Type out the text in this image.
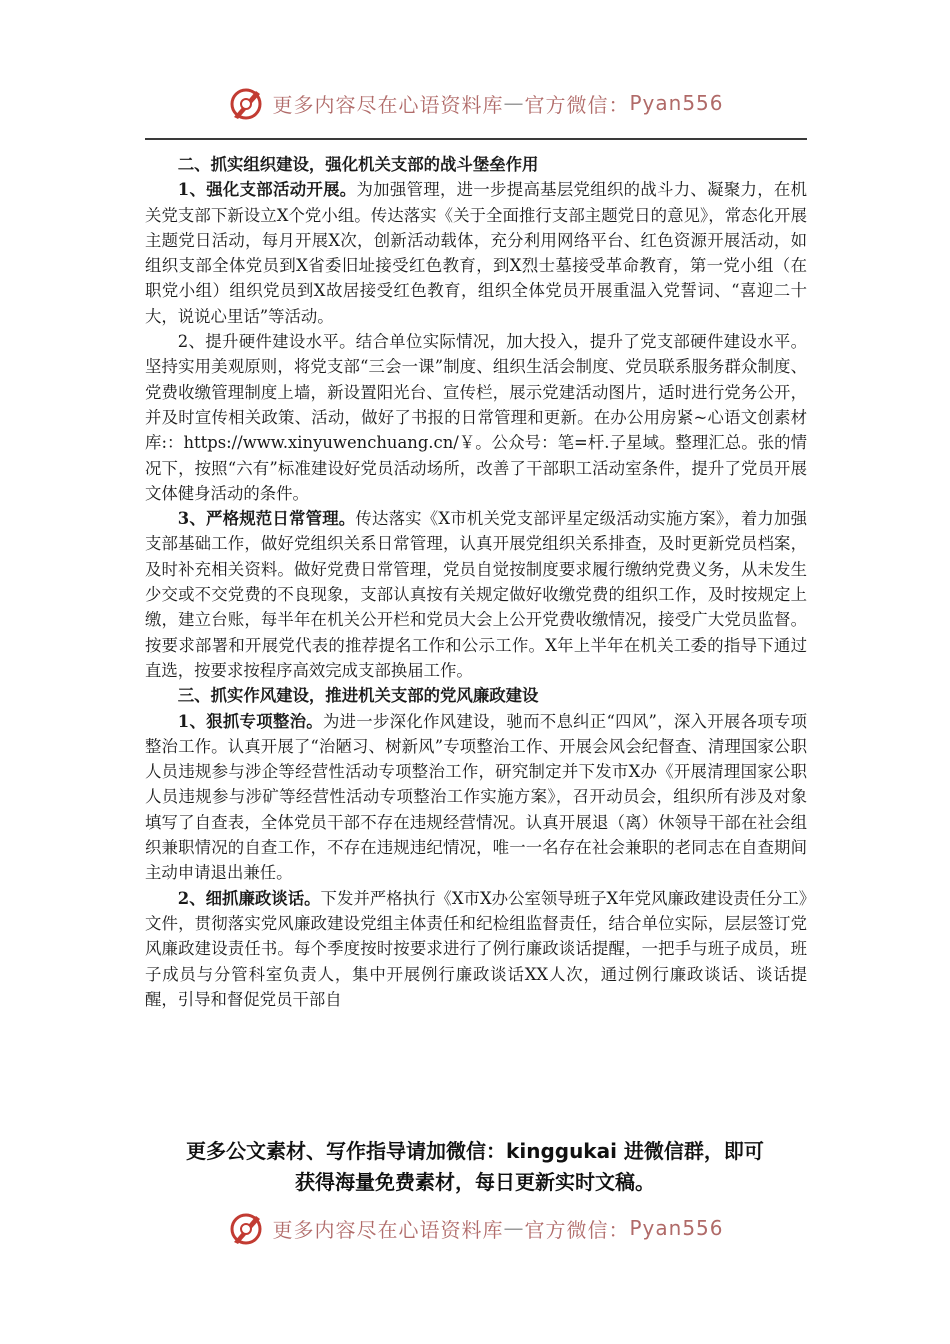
更多内容尽在心语资料库 — 官方微信： Pyan556

二、抓实组织建设，强化机关支部的战斗堡垒作用

1、强化支部活动开展。为加强管理，进一步提高基层党组织的战斗力、凝聚力，在机关党支部下新设立X个党小组。传达落实《关于全面推行支部主题党日的意见》，常态化开展主题党日活动，每月开展X次，创新活动载体，充分利用网络平台、红色资源开展活动，如组织支部全体党员到X省委旧址接受红色教育，到X烈士墓接受革命教育，第一党小组（在职党小组）组织党员到X故居接受红色教育，组织全体党员开展重温入党誓词、“喜迎二十大，说说心里话”等活动。

2、提升硬件建设水平。结合单位实际情况，加大投入，提升了党支部硬件建设水平。坚持实用美观原则，将党支部“三会一课”制度、组织生活会制度、党员联系服务群众制度、党费收缴管理制度上墙，新设置阳光台、宣传栏，展示党建活动图片，适时进行党务公开，并及时宣传相关政策、活动，做好了书报的日常管理和更新。在办公用房紧~心语文创素材库:：https://www.xinyuwenchuang.cn/￥。公众号：笔=杆.子星域。整理汇总。张的情况下，按照“六有”标准建设好党员活动场所，改善了干部职工活动室条件，提升了党员开展文体健身活动的条件。

3、严格规范日常管理。传达落实《X市机关党支部评星定级活动实施方案》，着力加强支部基础工作，做好党组织关系日常管理，认真开展党组织关系排查，及时更新党员档案，及时补充相关资料。做好党费日常管理，党员自觉按制度要求履行缴纳党费义务，从未发生少交或不交党费的不良现象，支部认真按有关规定做好收缴党费的组织工作，及时按规定上缴，建立台账，每半年在机关公开栏和党员大会上公开党费收缴情况，接受广大党员监督。按要求部署和开展党代表的推荐提名工作和公示工作。X年上半年在机关工委的指导下通过直选，按要求按程序高效完成支部换届工作。

三、抓实作风建设，推进机关支部的党风廉政建设

1、狠抓专项整治。为进一步深化作风建设，驰而不息纠正“四风”，深入开展各项专项整治工作。认真开展了“治陋习、树新风”专项整治工作、开展会风会纪督查、清理国家公职人员违规参与涉企等经营性活动专项整治工作，研究制定并下发市X办《开展清理国家公职人员违规参与涉矿等经营性活动专项整治工作实施方案》，召开动员会，组织所有涉及对象填写了自查表，全体党员干部不存在违规经营情况。认真开展退（离）休领导干部在社会组织兼职情况的自查工作，不存在违规违纪情况，唯一一名存在社会兼职的老同志在自查期间主动申请退出兼任。

2、细抓廉政谈话。下发并严格执行《X市X办公室领导班子X年党风廉政建设责任分工》文件，贯彻落实党风廉政建设党组主体责任和纪检组监督责任，结合单位实际，层层签订党风廉政建设责任书。每个季度按时按要求进行了例行廉政谈话提醒，一把手与班子成员，班子成员与分管科室负责人，集中开展例行廉政谈话XX人次，通过例行廉政谈话、谈话提醒，引导和督促党员干部自

更多公文素材、写作指导请加微信：kinggukai 进微信群，即可
获得海量免费素材，每日更新实时文稿。
更多内容尽在心语资料库 — 官方微信： Pyan556
